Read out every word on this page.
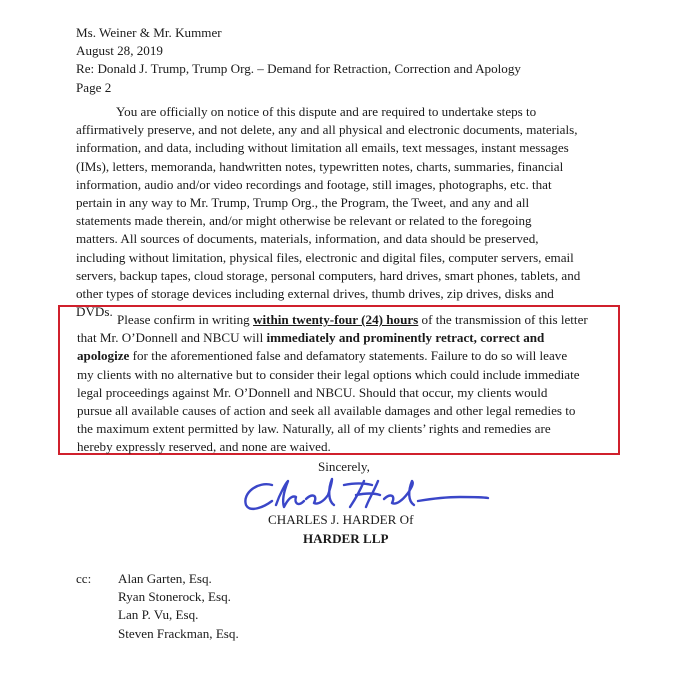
Ms. Weiner & Mr. Kummer
August 28, 2019
Re: Donald J. Trump, Trump Org. – Demand for Retraction, Correction and Apology
Page 2

You are officially on notice of this dispute and are required to undertake steps to

affirmatively preserve, and not delete, any and all physical and electronic documents, materials,

information, and data, including without limitation all emails, text messages, instant messages

(IMs), letters, memoranda, handwritten notes, typewritten notes, charts, summaries, financial

information, audio and/or video recordings and footage, still images, photographs, etc. that

pertain in any way to Mr. Trump, Trump Org., the Program, the Tweet, and any and all

statements made therein, and/or might otherwise be relevant or related to the foregoing

matters. All sources of documents, materials, information, and data should be preserved,

including without limitation, physical files, electronic and digital files, computer servers, email

servers, backup tapes, cloud storage, personal computers, hard drives, smart phones, tablets, and

other types of storage devices including external drives, thumb drives, zip drives, disks and

DVDs.

Please confirm in writing within twenty-four (24) hours of the transmission of this letter

that Mr. O’Donnell and NBCU will immediately and prominently retract, correct and

apologize for the aforementioned false and defamatory statements. Failure to do so will leave

my clients with no alternative but to consider their legal options which could include immediate

legal proceedings against Mr. O’Donnell and NBCU. Should that occur, my clients would

pursue all available causes of action and seek all available damages and other legal remedies to

the maximum extent permitted by law. Naturally, all of my clients’ rights and remedies are

hereby expressly reserved, and none are waived.

Sincerely,
CHARLES J. HARDER Of
HARDER LLP
cc: Alan Garten, Esq.
Ryan Stonerock, Esq.
Lan P. Vu, Esq.
Steven Frackman, Esq.
